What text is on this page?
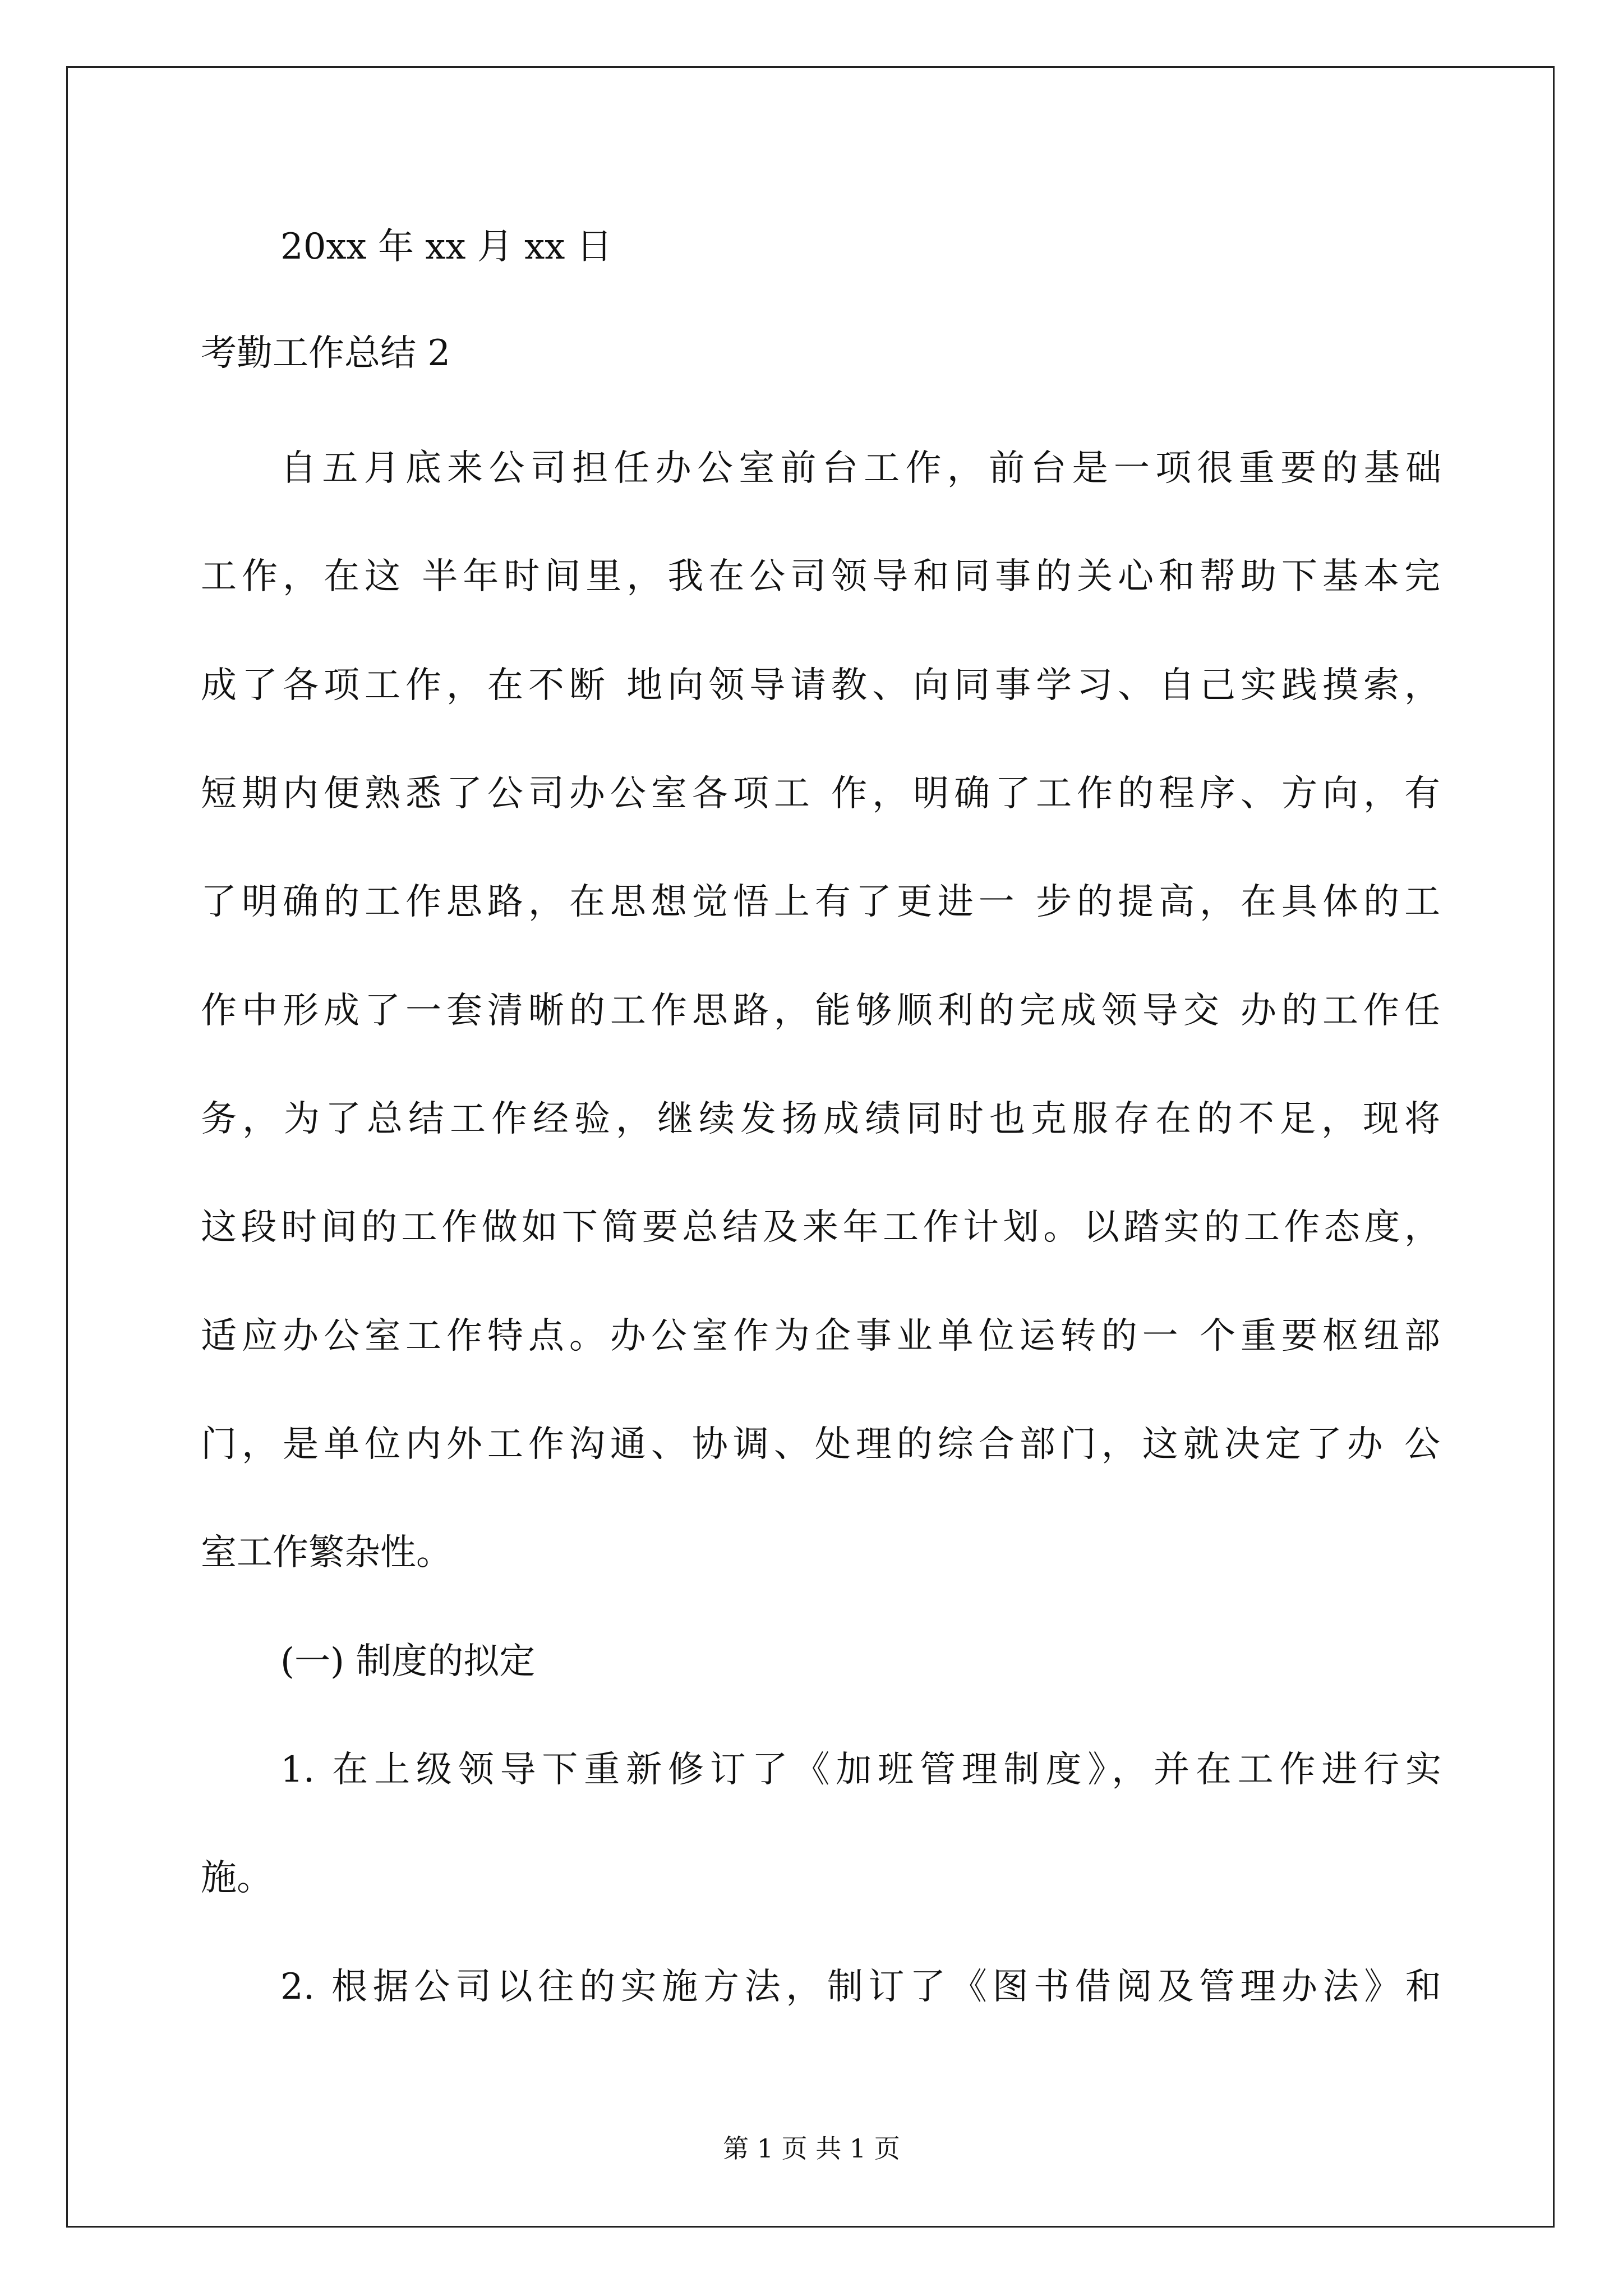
20xx 年 xx 月 xx 日
考勤工作总结 2
自五月底来公司担任办公室前台工作，前台是一项很重要的基础
工作，在这 半年时间里，我在公司领导和同事的关心和帮助下基本完
成了各项工作，在不断 地向领导请教、向同事学习、自己实践摸索，
短期内便熟悉了公司办公室各项工 作，明确了工作的程序、方向，有
了明确的工作思路，在思想觉悟上有了更进一 步的提高，在具体的工
作中形成了一套清晰的工作思路，能够顺利的完成领导交 办的工作任
务，为了总结工作经验，继续发扬成绩同时也克服存在的不足，现将
这段时间的工作做如下简要总结及来年工作计划。以踏实的工作态度，
适应办公室工作特点。办公室作为企事业单位运转的一 个重要枢纽部
门，是单位内外工作沟通、协调、处理的综合部门，这就决定了办 公
室工作繁杂性。
(一) 制度的拟定
1. 在上级领导下重新修订了《加班管理制度》，并在工作进行实
施。
2. 根据公司以往的实施方法，制订了《图书借阅及管理办法》和
第 1 页 共 1 页
